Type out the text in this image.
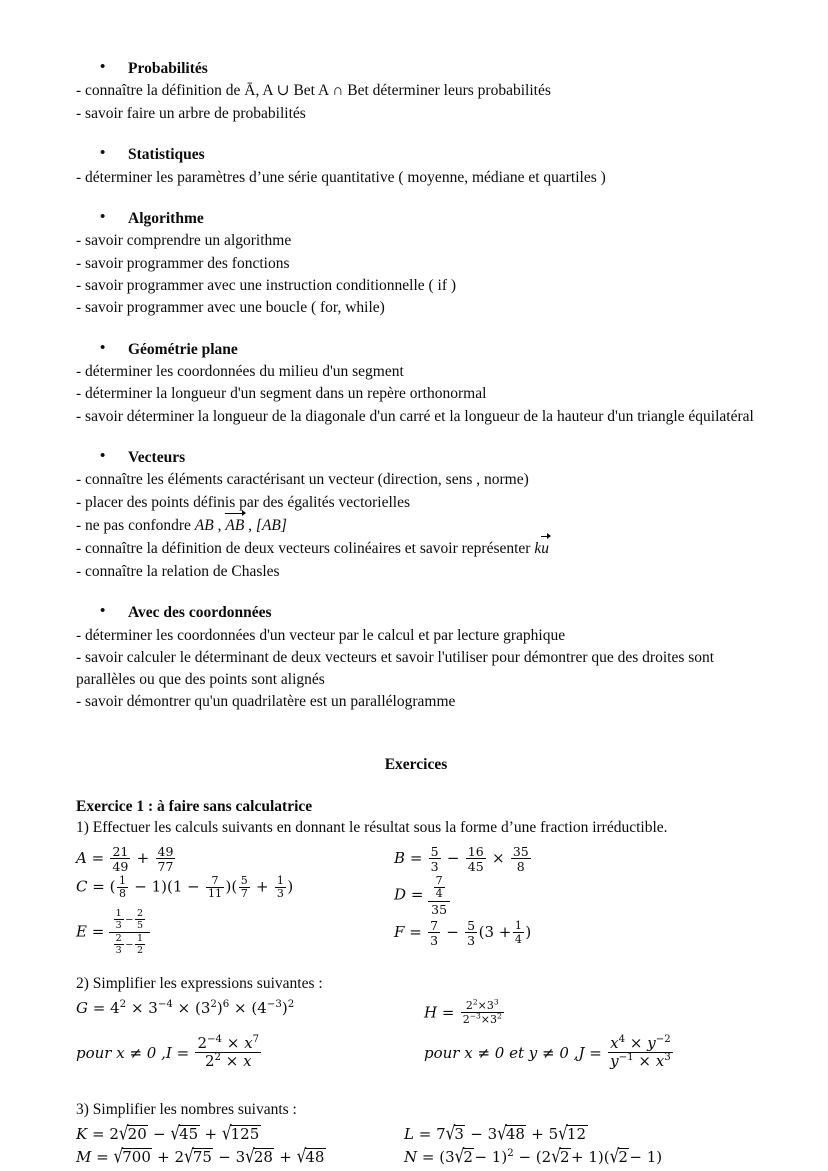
• Probabilités
- connaître la définition de Ā, A ∪ Bet A ∩ Bet déterminer leurs probabilités
- savoir faire un arbre de probabilités
• Statistiques
- déterminer les paramètres d’une série quantitative ( moyenne, médiane et quartiles )
• Algorithme
- savoir comprendre un algorithme
- savoir programmer des fonctions
- savoir programmer avec une instruction conditionnelle ( if )
- savoir programmer avec une boucle ( for, while)
• Géométrie plane
- déterminer les coordonnées du milieu d'un segment
- déterminer la longueur d'un segment dans un repère orthonormal
- savoir déterminer la longueur de la diagonale d'un carré et la longueur de la hauteur d'un triangle équilatéral
• Vecteurs
- connaître les éléments caractérisant un vecteur (direction, sens , norme)
- placer des points définis par des égalités vectorielles
- ne pas confondre AB , AB , [AB]
- connaître la définition de deux vecteurs colinéaires et savoir représenter ku
- connaître la relation de Chasles
• Avec des coordonnées
- déterminer les coordonnées d'un vecteur par le calcul et par lecture graphique
- savoir calculer le déterminant de deux vecteurs et savoir l'utiliser pour démontrer que des droites sont parallèles ou que des points sont alignés
- savoir démontrer qu'un quadrilatère est un parallélogramme
Exercices
Exercice 1 : à faire sans calculatrice
1) Effectuer les calculs suivants en donnant le résultat sous la forme d’une fraction irréductible.
$A = \frac{21}{49} + \frac{49}{77}$	$B = \frac{5}{3} - \frac{16}{45} \times \frac{35}{8}$
C = ( $\frac{1}{8} - 1)(1 - \frac{7}{11}$ )( $\frac{5}{7} + \frac{1}{3}$ )	$D = \frac{\frac{7}{4}}{35}$
$E = \frac{\frac{1}{3} - \frac{2}{5}}{\frac{2}{3} - \frac{1}{2}}$	$F = \frac{7}{3} - \frac{5}{3} (3 + \frac{1}{4}$ )
2) Simplifier les expressions suivantes :
$G = 4^2 \times 3^{-4} \times (3^2)^6 \times (4^{-3})^2$	$H = \frac{2^2\times 3^3}{2^{-3}\times 3^2}$
pour x ≠ 0 $,I = \frac{2^{-4} \times x^7}{2^2 \times x}$	pour x ≠ 0 et y ≠ 0 $,J = \frac{x^4 \times y^{-2}}{y^{-1} \times x^3}$
3) Simplifier les nombres suivants :
K = 2√20 − √45 + √125	L = 7√3 − 3√48 + 5√12
M = √700 + 2√75 − 3√28 + √48	$N = (3√2 - 1)^2 - (2√2 + 1)(√2 - 1)$
